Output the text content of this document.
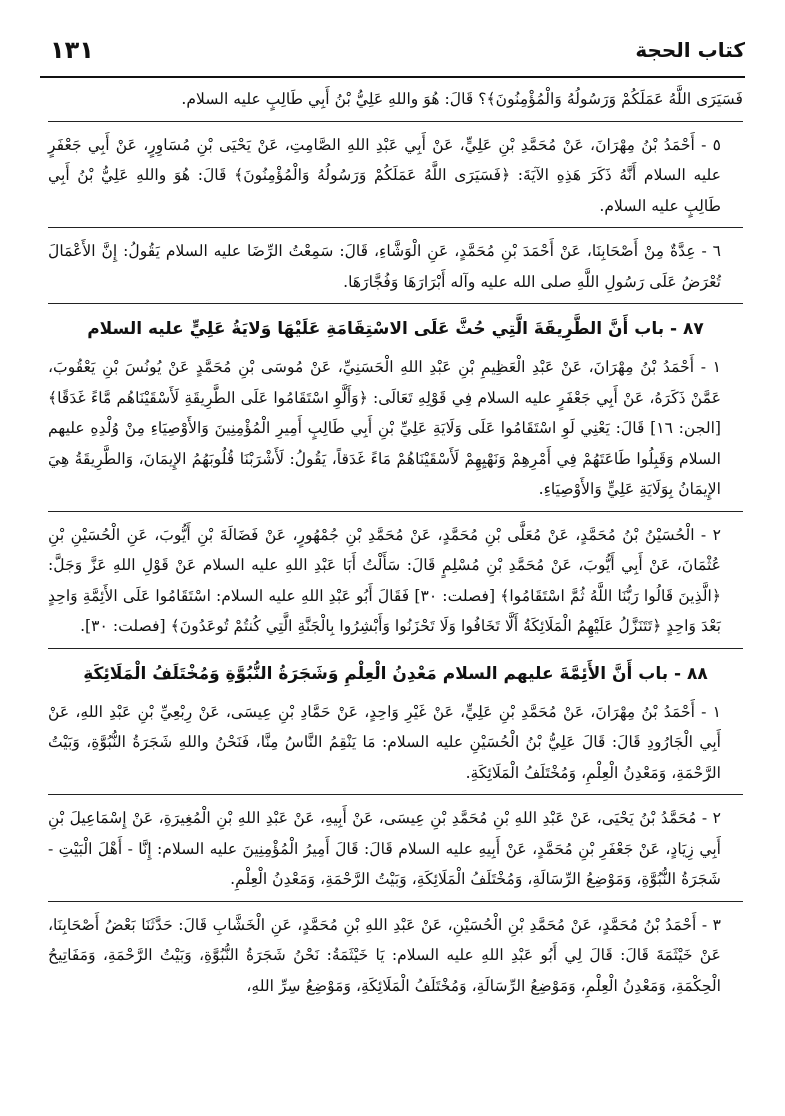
١٣١	كتاب الحجة

فَسَيَرَى اللَّهُ عَمَلَكُمْ وَرَسُولُهُ وَالْمُؤْمِنُونَ﴾؟ قَالَ: هُوَ واللهِ عَلِيُّ بْنُ أَبِي طَالِبٍ عليه السلام.

٥ - أَحْمَدُ بْنُ مِهْرَانَ، عَنْ مُحَمَّدِ بْنِ عَلِيٍّ، عَنْ أَبِي عَبْدِ اللهِ الصَّامِتِ، عَنْ يَحْيَى بْنِ مُسَاوِرٍ، عَنْ أَبِي جَعْفَرٍ عليه السلام أَنَّهُ ذَكَرَ هَذِهِ الآيَةَ: ﴿فَسَيَرَى اللَّهُ عَمَلَكُمْ وَرَسُولُهُ وَالْمُؤْمِنُونَ﴾ قَالَ: هُوَ واللهِ عَلِيُّ بْنُ أَبِي طَالِبٍ عليه السلام.

٦ - عِدَّةٌ مِنْ أَصْحَابِنَا، عَنْ أَحْمَدَ بْنِ مُحَمَّدٍ، عَنِ الْوَشَّاءِ، قَالَ: سَمِعْتُ الرِّضَا عليه السلام يَقُولُ: إِنَّ الأَعْمَالَ تُعْرَضُ عَلَى رَسُولِ اللَّهِ صلى الله عليه وآله أَبْرَارَهَا وَفُجَّارَهَا.

٨٧ - باب أَنَّ الطَّرِيقَةَ الَّتِي حُثَّ عَلَى الاسْتِقَامَةِ عَلَيْهَا وَلايَةُ عَلِيٍّ عليه السلام

١ - أَحْمَدُ بْنُ مِهْرَانَ، عَنْ عَبْدِ الْعَظِيمِ بْنِ عَبْدِ اللهِ الْحَسَنِيِّ، عَنْ مُوسَى بْنِ مُحَمَّدٍ عَنْ يُونُسَ بْنِ يَعْقُوبَ، عَمَّنْ ذَكَرَهُ، عَنْ أَبِي جَعْفَرٍ عليه السلام فِي قَوْلِهِ تَعَالَى: ﴿وَأَلَّوِ اسْتَقَامُوا عَلَى الطَّرِيقَةِ لَأَسْقَيْنَاهُم مَّاءً غَدَقًا﴾ [الجن: ١٦] قَالَ: يَعْنِي لَوِ اسْتَقَامُوا عَلَى وَلَايَةِ عَلِيِّ بْنِ أَبِي طَالِبٍ أَمِيرِ الْمُؤْمِنِينَ وَالأَوْصِيَاءِ مِنْ وُلْدِهِ عليهم السلام وَقَبِلُوا طَاعَتَهُمْ فِي أَمْرِهِمْ وَنَهْيِهِمْ لَأَسْقَيْنَاهُمْ مَاءً غَدَقاً، يَقُولُ: لَأَشْرَبْنَا قُلُوبَهُمُ الإِيمَانَ، وَالطَّرِيقَةُ هِيَ الإِيمَانُ بِوَلَايَةِ عَلِيٍّ وَالأَوْصِيَاءِ.

٢ - الْحُسَيْنُ بْنُ مُحَمَّدٍ، عَنْ مُعَلَّى بْنِ مُحَمَّدٍ، عَنْ مُحَمَّدِ بْنِ جُمْهُورٍ، عَنْ فَضَالَةَ بْنِ أَيُّوبَ، عَنِ الْحُسَيْنِ بْنِ عُثْمَانَ، عَنْ أَبِي أَيُّوبَ، عَنْ مُحَمَّدِ بْنِ مُسْلِمٍ قَالَ: سَأَلْتُ أَبَا عَبْدِ اللهِ عليه السلام عَنْ قَوْلِ اللهِ عَزَّ وَجَلَّ: ﴿الَّذِينَ قَالُوا رَبُّنَا اللَّهُ ثُمَّ اسْتَقَامُوا﴾ [فصلت: ٣٠] فَقَالَ أَبُو عَبْدِ اللهِ عليه السلام: اسْتَقَامُوا عَلَى الأَئِمَّةِ وَاحِدٍ بَعْدَ وَاحِدٍ ﴿تَتَنَزَّلُ عَلَيْهِمُ الْمَلَائِكَةُ أَلَّا تَخَافُوا وَلَا تَحْزَنُوا وَأَبْشِرُوا بِالْجَنَّةِ الَّتِي كُنتُمْ تُوعَدُونَ﴾ [فصلت: ٣٠].

٨٨ - باب أَنَّ الأَئِمَّةَ عليهم السلام مَعْدِنُ الْعِلْمِ وَشَجَرَةُ النُّبُوَّةِ وَمُخْتَلَفُ الْمَلَائِكَةِ

١ - أَحْمَدُ بْنُ مِهْرَانَ، عَنْ مُحَمَّدِ بْنِ عَلِيٍّ، عَنْ غَيْرِ وَاحِدٍ، عَنْ حَمَّادِ بْنِ عِيسَى، عَنْ رِبْعِيِّ بْنِ عَبْدِ اللهِ، عَنْ أَبِي الْجَارُودِ قَالَ: قَالَ عَلِيُّ بْنُ الْحُسَيْنِ عليه السلام: مَا يَنْقِمُ النَّاسُ مِنَّا، فَنَحْنُ واللهِ شَجَرَةُ النُّبُوَّةِ، وَبَيْتُ الرَّحْمَةِ، وَمَعْدِنُ الْعِلْمِ، وَمُخْتَلَفُ الْمَلَائِكَةِ.

٢ - مُحَمَّدُ بْنُ يَحْيَى، عَنْ عَبْدِ اللهِ بْنِ مُحَمَّدِ بْنِ عِيسَى، عَنْ أَبِيهِ، عَنْ عَبْدِ اللهِ بْنِ الْمُغِيرَةِ، عَنْ إِسْمَاعِيلَ بْنِ أَبِي زِيَادٍ، عَنْ جَعْفَرِ بْنِ مُحَمَّدٍ، عَنْ أَبِيهِ عليه السلام قَالَ: قَالَ أَمِيرُ الْمُؤْمِنِينَ عليه السلام: إِنَّا - أَهْلَ الْبَيْتِ - شَجَرَةُ النُّبُوَّةِ، وَمَوْضِعُ الرِّسَالَةِ، وَمُخْتَلَفُ الْمَلَائِكَةِ، وَبَيْتُ الرَّحْمَةِ، وَمَعْدِنُ الْعِلْمِ.

٣ - أَحْمَدُ بْنُ مُحَمَّدٍ، عَنْ مُحَمَّدِ بْنِ الْحُسَيْنِ، عَنْ عَبْدِ اللهِ بْنِ مُحَمَّدٍ، عَنِ الْخَشَّابِ قَالَ: حَدَّثَنَا بَعْضُ أَصْحَابِنَا، عَنْ خَيْثَمَةَ قَالَ: قَالَ لِي أَبُو عَبْدِ اللهِ عليه السلام: يَا خَيْثَمَةُ: نَحْنُ شَجَرَةُ النُّبُوَّةِ، وَبَيْتُ الرَّحْمَةِ، وَمَفَاتِيحُ الْحِكْمَةِ، وَمَعْدِنُ الْعِلْمِ، وَمَوْضِعُ الرِّسَالَةِ، وَمُخْتَلَفُ الْمَلَائِكَةِ، وَمَوْضِعُ سِرِّ اللهِ،
